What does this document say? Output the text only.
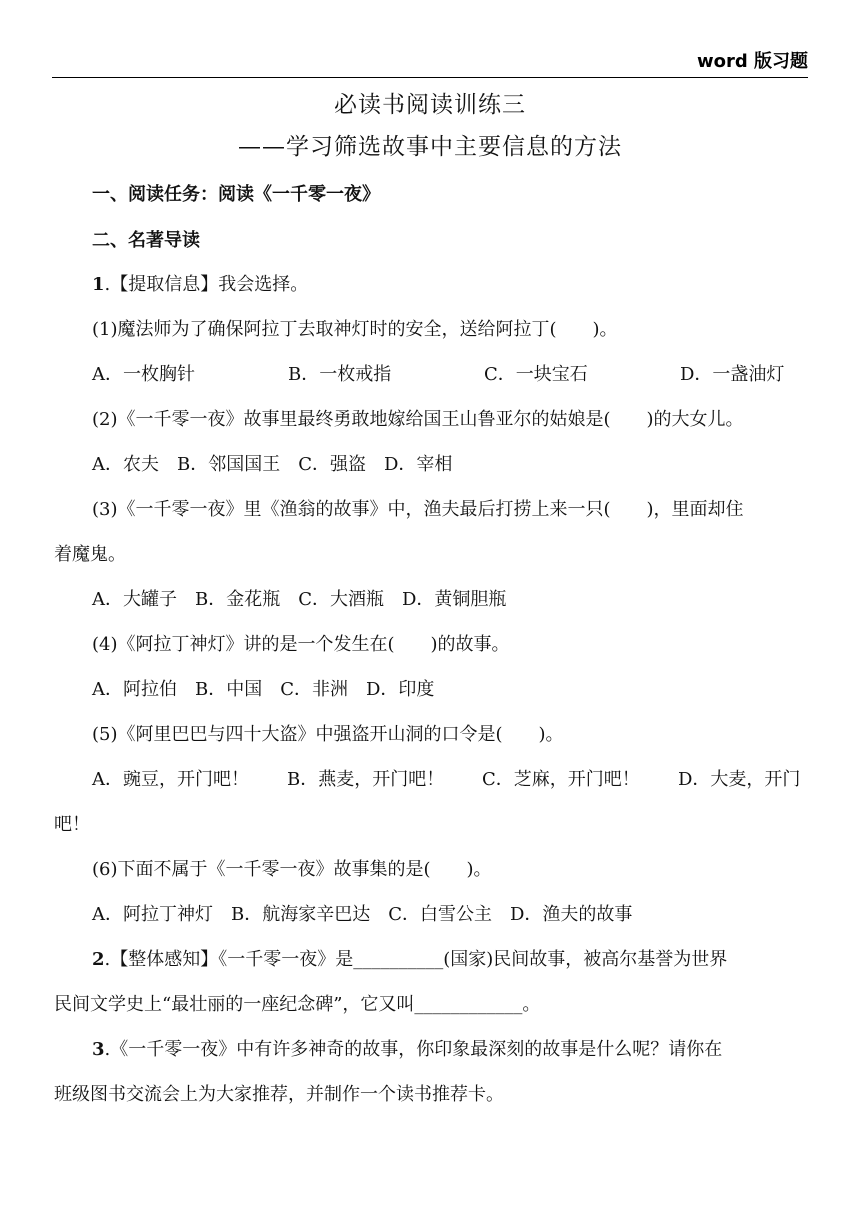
word 版习题
必读书阅读训练三
——学习筛选故事中主要信息的方法
一、阅读任务：阅读《一千零一夜》
二、名著导读
1.【提取信息】我会选择。
(1)魔法师为了确保阿拉丁去取神灯时的安全，送给阿拉丁(　　)。
A．一枚胸针	B．一枚戒指	C．一块宝石	D．一盏油灯
(2)《一千零一夜》故事里最终勇敢地嫁给国王山鲁亚尔的姑娘是(　　)的大女儿。
A．农夫　B．邻国国王　C．强盗　D．宰相
(3)《一千零一夜》里《渔翁的故事》中，渔夫最后打捞上来一只(　　)，里面却住
着魔鬼。
A．大罐子　B．金花瓶　C．大酒瓶　D．黄铜胆瓶
(4)《阿拉丁神灯》讲的是一个发生在(　　)的故事。
A．阿拉伯　B．中国　C．非洲　D．印度
(5)《阿里巴巴与四十大盗》中强盗开山洞的口令是(　　)。
A．豌豆，开门吧！ B．燕麦，开门吧！ C．芝麻，开门吧！ D．大麦，开门
吧！
(6)下面不属于《一千零一夜》故事集的是(　　)。
A．阿拉丁神灯　B．航海家辛巴达　C．白雪公主　D．渔夫的故事
2.【整体感知】《一千零一夜》是__________(国家)民间故事，被高尔基誉为世界
民间文学史上“最壮丽的一座纪念碑”，它又叫____________。
3.《一千零一夜》中有许多神奇的故事，你印象最深刻的故事是什么呢？请你在
班级图书交流会上为大家推荐，并制作一个读书推荐卡。
